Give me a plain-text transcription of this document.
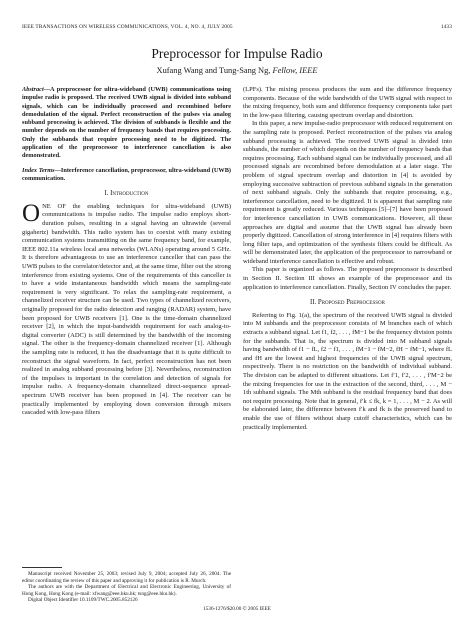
IEEE TRANSACTIONS ON WIRELESS COMMUNICATIONS, VOL. 4, NO. 4, JULY 2005	1433
Preprocessor for Impulse Radio
Xufang Wang and Tung-Sang Ng, Fellow, IEEE
Abstract—A preprocessor for ultra-wideband (UWB) communications using impulse radio is proposed. The received UWB signal is divided into subband signals, which can be individually processed and recombined before demodulation of the signal. Perfect reconstruction of the pulses via analog subband processing is achieved. The division of subbands is flexible and the number depends on the number of frequency bands that requires processing. Only the subbands that require processing need to be digitized. The application of the preprocessor to interference cancellation is also demonstrated.
Index Terms—Interference cancellation, preprocessor, ultra-wideband (UWB) communication.
I. Introduction

ONE OF the enabling techniques for ultra-wideband (UWB) communications is impulse radio. The impulse radio employs short-duration pulses, resulting in a signal having an ultrawide (several gigahertz) bandwidth. This radio system has to coexist with many existing communication systems transmitting on the same frequency band, for example, IEEE 802.11a wireless local area networks (WLANs) operating around 5 GHz. It is therefore advantageous to use an interference canceller that can pass the UWB pulses to the correlator/detector and, at the same time, filter out the strong interference from existing systems. One of the requirements of this canceller is to have a wide instantaneous bandwidth which means the sampling-rate requirement is very significant. To relax the sampling-rate requirement, a channelized receiver structure can be used. Two types of channelized receivers, originally proposed for the radio detection and ranging (RADAR) system, have been proposed for UWB receivers [1]. One is the time-domain channelized receiver [2], in which the input-bandwidth requirement for each analog-to-digital converter (ADC) is still determined by the bandwidth of the incoming signal. The other is the frequency-domain channelized receiver [1]. Although the sampling rate is reduced, it has the disadvantage that it is quite difficult to reconstruct the signal waveform. In fact, perfect reconstruction has not been realized in analog subband processing before [3]. Nevertheless, reconstruction of the impulses is important in the correlation and detection of signals for impulse radio. A frequency-domain channelized direct-sequence spread-spectrum UWB receiver has been proposed in [4]. The receiver can be practically implemented by employing down conversion through mixers cascaded with low-pass filters

(LPFs). The mixing process produces the sum and the difference frequency components. Because of the wide bandwidth of the UWB signal with respect to the mixing frequency, both sum and difference frequency components take part in the low-pass filtering, causing spectrum overlap and distortion.

In this paper, a new impulse-radio preprocessor with reduced requirement on the sampling rate is proposed. Perfect reconstruction of the pulses via analog subband processing is achieved. The received UWB signal is divided into subbands, the number of which depends on the number of frequency bands that requires processing. Each subband signal can be individually processed, and all processed signals are recombined before demodulation at a later stage. The problem of signal spectrum overlap and distortion in [4] is avoided by employing successive subtraction of previous subband signals in the generation of next subband signals. Only the subbands that require processing, e.g., interference cancellation, need to be digitized. It is apparent that sampling rate requirement is greatly reduced. Various techniques [5]–[7] have been proposed for interference cancellation in UWB communications. However, all these approaches are digital and assume that the UWB signal has already been properly digitized. Cancellation of strong interference in [4] requires filters with long filter taps, and optimization of the synthesis filters could be difficult. As will be demonstrated later, the application of the preprocessor to narrowband or wideband interference cancellation is effective and robust.

This paper is organized as follows. The proposed preprocessor is described in Section II. Section III shows an example of the preprocessor and its application to interference cancellation. Finally, Section IV concludes the paper.

II. Proposed Preprocessor

Referring to Fig. 1(a), the spectrum of the received UWB signal is divided into M subbands and the preprocessor consists of M branches each of which extracts a subband signal. Let f1, f2, . . . , fM−1 be the frequency division points for the subbands. That is, the spectrum is divided into M subband signals having bandwidth of f1 − fL, f2 − f1, . . . , fM−1 − fM−2, fH − fM−1, where fL and fH are the lowest and highest frequencies of the UWB signal spectrum, respectively. There is no restriction on the bandwidth of individual subband. The division can be adapted to different situations. Let f′1, f′2, . . . , f′M−2 be the mixing frequencies for use in the extraction of the second, third, . . . , M − 1th subband signals. The Mth subband is the residual frequency band that does not require processing. Note that in general, f′k ≤ fk, k = 1, . . . , M − 2. As will be elaborated later, the difference between f′k and fk is the preserved band to enable the use of filters without sharp cutoff characteristics, which can be practically implemented.

Manuscript received November 25, 2003; revised July 9, 2004; accepted July 26, 2004. The editor coordinating the review of this paper and approving it for publication is R. Murch.
The authors are with the Department of Electrical and Electronic Engineering, University of Hong Kong, Hong Kong (e-mail: xfwang@eee.hku.hk; tsng@eee.hku.hk).
Digital Object Identifier 10.1109/TWC.2005.852126
1536-1276/$20.00 © 2005 IEEE
